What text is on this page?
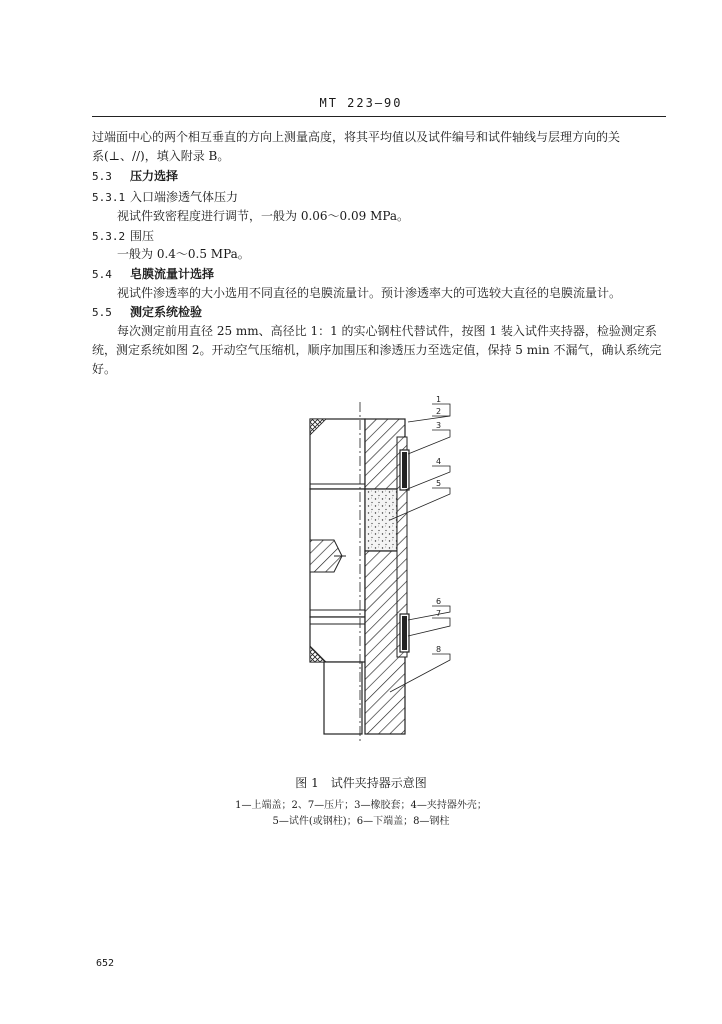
MT 223—90
过端面中心的两个相互垂直的方向上测量高度，将其平均值以及试件编号和试件轴线与层理方向的关
系(⊥、//)，填入附录 B。
5.3 压力选择
5.3.1 入口端渗透气体压力
视试件致密程度进行调节，一般为 0.06～0.09 MPa。
5.3.2 围压
一般为 0.4～0.5 MPa。
5.4 皂膜流量计选择
视试件渗透率的大小选用不同直径的皂膜流量计。预计渗透率大的可选较大直径的皂膜流量计。
5.5 测定系统检验
每次测定前用直径 25 mm、高径比 1：1 的实心钢柱代替试件，按图 1 装入试件夹持器，检验测定系
统，测定系统如图 2。开动空气压缩机，顺序加围压和渗透压力至选定值，保持 5 min 不漏气，确认系统完
好。
1
2
3
4
5
6
7
8
图 1　试件夹持器示意图
1—上端盖；2、7—压片；3—橡胶套；4—夹持器外壳；
5—试件(或钢柱)；6—下端盖；8—钢柱
652
